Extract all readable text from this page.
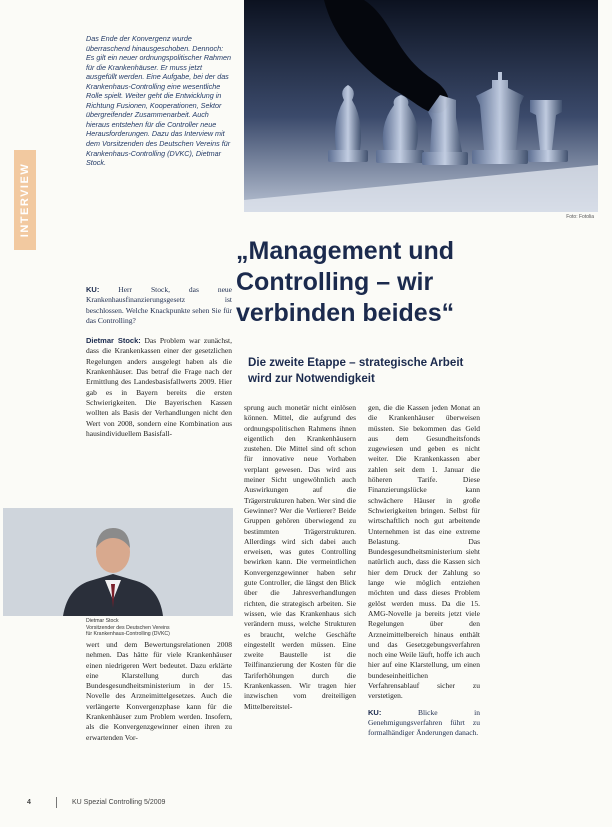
Das Ende der Konvergenz wurde überraschend hinausgeschoben. Dennoch: Es gilt ein neuer ordnungspolitischer Rahmen für die Krankenhäuser. Er muss jetzt ausgefüllt werden. Eine Aufgabe, bei der das Krankenhaus-Controlling eine wesentliche Rolle spielt. Weiter geht die Entwicklung in Richtung Fusionen, Kooperationen, Sektor übergreifender Zusammenarbeit. Auch hieraus entstehen für die Controller neue Herausforderungen. Dazu das Interview mit dem Vorsitzenden des Deutschen Vereins für Krankenhaus-Controlling (DVKC), Dietmar Stock.

INTERVIEW	Foto: Fotolia
„Management und
Controlling – wir
verbinden beides“
Die zweite Etappe – strategische Arbeit
wird zur Notwendigkeit

KU:	Herr Stock, das neue Krankenhausfinanzierungsgesetz ist beschlossen. Welche Knackpunkte sehen Sie für das Controlling?

Dietmar Stock: Das Problem war zunächst, dass die Krankenkassen einer der gesetzlichen Regelungen anders ausgelegt haben als die Krankenhäuser. Das betraf die Frage nach der Ermittlung des Landesbasisfallwerts 2009. Hier gab es in Bayern bereits die ersten Schwierigkeiten. Die Bayerischen Kassen wollten als Basis der Verhandlungen nicht den Wert von 2008, sondern eine Kombination aus hausindividuellem Basisfall-

Dietmar Stock

Vorsitzender des Deutschen Vereins

für Krankenhaus-Controlling (DVKC)

wert und dem Bewertungsrelationen 2008 nehmen. Das hätte für viele Krankenhäuser einen niedrigeren Wert bedeutet. Dazu erklärte eine Klarstellung durch das Bundesgesundheitsministerium in der 15. Novelle des Arzneimittelgesetzes. Auch die verlängerte Konvergenzphase kann für die Krankenhäuser zum Problem werden. Insofern, als die Konvergenzgewinner einen ihren zu erwartenden Vor-

sprung auch monetär nicht einlösen können. Mittel, die aufgrund des ordnungspolitischen Rahmens ihnen eigentlich den Krankenhäusern zustehen. Die Mittel sind oft schon für innovative neue Vorhaben verplant gewesen. Das wird aus meiner Sicht ungewöhnlich auch Auswirkungen auf die Trägerstrukturen haben. Wer sind die Gewinner? Wer die Verlierer? Beide Gruppen gehören überwiegend zu bestimmten Trägerstrukturen. Allerdings wird sich dabei auch erweisen, was gutes Controlling bewirken kann. Die vermeintlichen Konvergenzgewinner haben sehr gute Controller, die längst den Blick über die Jahresverhandlungen richten, die strategisch arbeiten. Sie wissen, wie das Krankenhaus sich verändern muss, welche Strukturen es braucht, welche Geschäfte eingestellt werden müssen. Eine zweite Baustelle ist die Teilfinanzierung der Kosten für die Tariferhöhungen durch die Krankenkassen. Wir tragen hier inzwischen vom dreiteiligen Mittelbereitstel-

gen, die die Kassen jeden Monat an die Krankenhäuser überweisen müssten. Sie bekommen das Geld aus dem Gesundheitsfonds zugewiesen und geben es nicht weiter. Die Krankenkassen aber zahlen seit dem 1. Januar die höheren Tarife. Diese Finanzierungslücke kann schwächere Häuser in große Schwierigkeiten bringen. Selbst für wirtschaftlich noch gut arbeitende Unternehmen ist das eine extreme Belastung. Das Bundesgesundheitsministerium sieht natürlich auch, dass die Kassen sich hier dem Druck der Zahlung so lange wie möglich entziehen möchten und dass dieses Problem gelöst werden muss. Da die 15. AMG-Novelle ja bereits jetzt viele Regelungen über den Arzneimittelbereich hinaus enthält und das Gesetzgebungsverfahren noch eine Weile läuft, hoffe ich auch hier auf eine Klarstellung, um einen bundeseinheitlichen Verfahrensablauf sicher zu verstetigen.

KU:	Blicke in Genehmigungsverfahren führt zu formalhändiger Änderungen danach.

4	KU Spezial Controlling 5/2009
